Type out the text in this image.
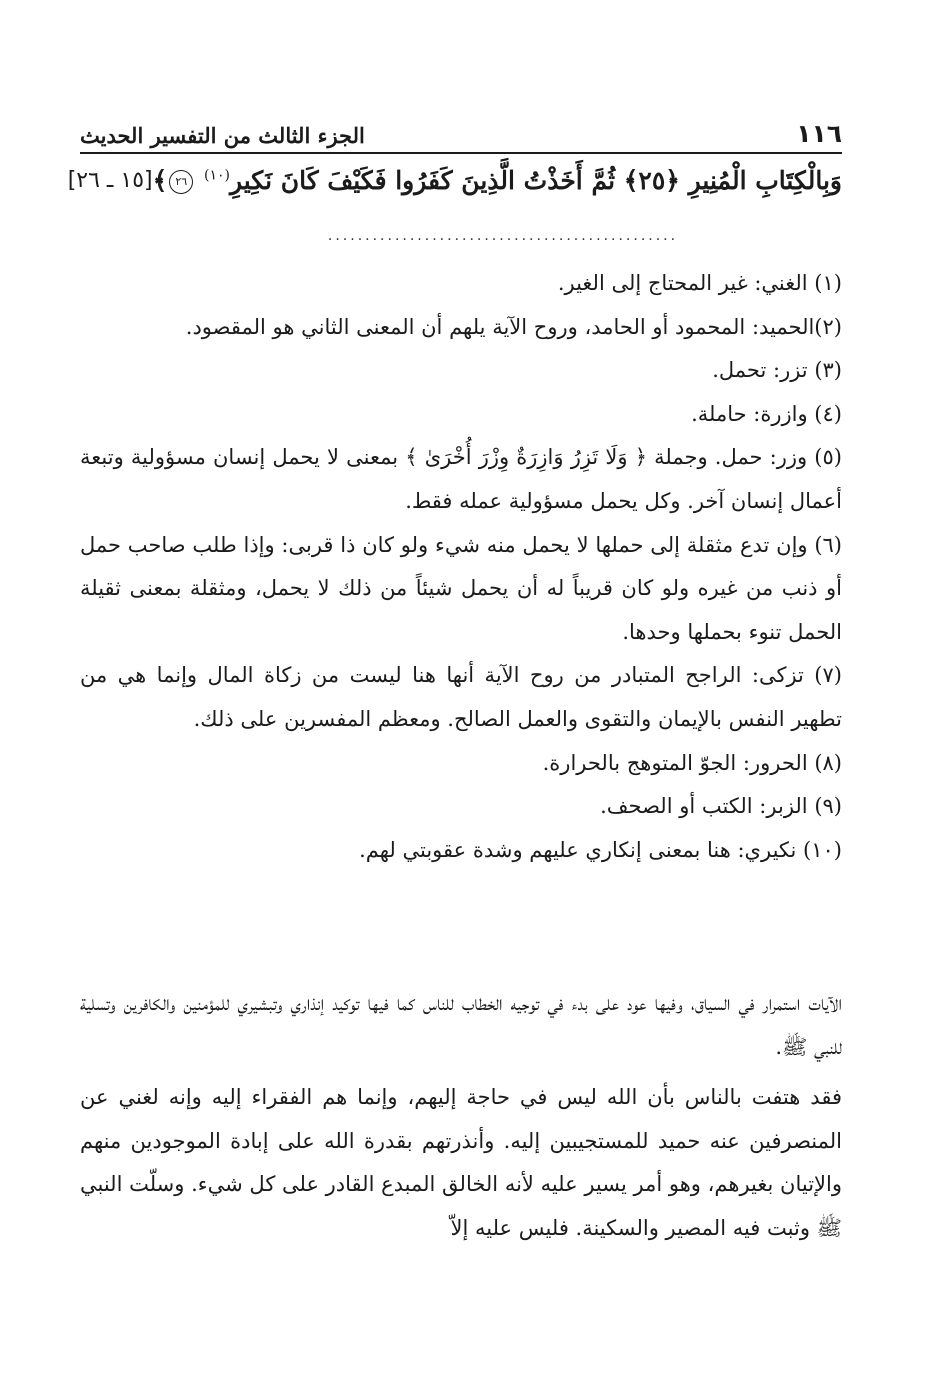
١١٦
الجزء الثالث من التفسير الحديث
وَبِالْكِتَابِ الْمُنِيرِ ﴿٢٥﴾ ثُمَّ أَخَذْتُ الَّذِينَ كَفَرُوا فَكَيْفَ كَانَ نَكِيرِ$^{(١٠)}$ ٢٦﴾
[١٥ ـ ٢٦]
...............................................

(١) الغني: غير المحتاج إلى الغير.

(٢)الحميد: المحمود أو الحامد، وروح الآية يلهم أن المعنى الثاني هو المقصود.

(٣) تزر: تحمل.

(٤) وازرة: حاملة.

(٥) وزر: حمل. وجملة ﴿ وَلَا تَزِرُ وَازِرَةٌ وِزْرَ أُخْرَىٰ ﴾ بمعنى لا يحمل إنسان مسؤولية وتبعة أعمال إنسان آخر. وكل يحمل مسؤولية عمله فقط.

(٦) وإن تدع مثقلة إلى حملها لا يحمل منه شيء ولو كان ذا قربى: وإذا طلب صاحب حمل أو ذنب من غيره ولو كان قريباً له أن يحمل شيئاً من ذلك لا يحمل، ومثقلة بمعنى ثقيلة الحمل تنوء بحملها وحدها.

(٧) تزكى: الراجح المتبادر من روح الآية أنها هنا ليست من زكاة المال وإنما هي من تطهير النفس بالإيمان والتقوى والعمل الصالح. ومعظم المفسرين على ذلك.

(٨) الحرور: الجوّ المتوهج بالحرارة.

(٩) الزبر: الكتب أو الصحف.

(١٠) نكيري: هنا بمعنى إنكاري عليهم وشدة عقوبتي لهم.

الآيات استمرار في السياق، وفيها عود على بدء في توجيه الخطاب للناس كما فيها توكيد إنذاري وتبشيري للمؤمنين والكافرين وتسلية للنبي ﷺ.

فقد هتفت بالناس بأن الله ليس في حاجة إليهم، وإنما هم الفقراء إليه وإنه لغني عن المنصرفين عنه حميد للمستجيبين إليه. وأنذرتهم بقدرة الله على إبادة الموجودين منهم والإتيان بغيرهم، وهو أمر يسير عليه لأنه الخالق المبدع القادر على كل شيء. وسلّت النبي ﷺ وثبت فيه المصير والسكينة. فليس عليه إلاّ
